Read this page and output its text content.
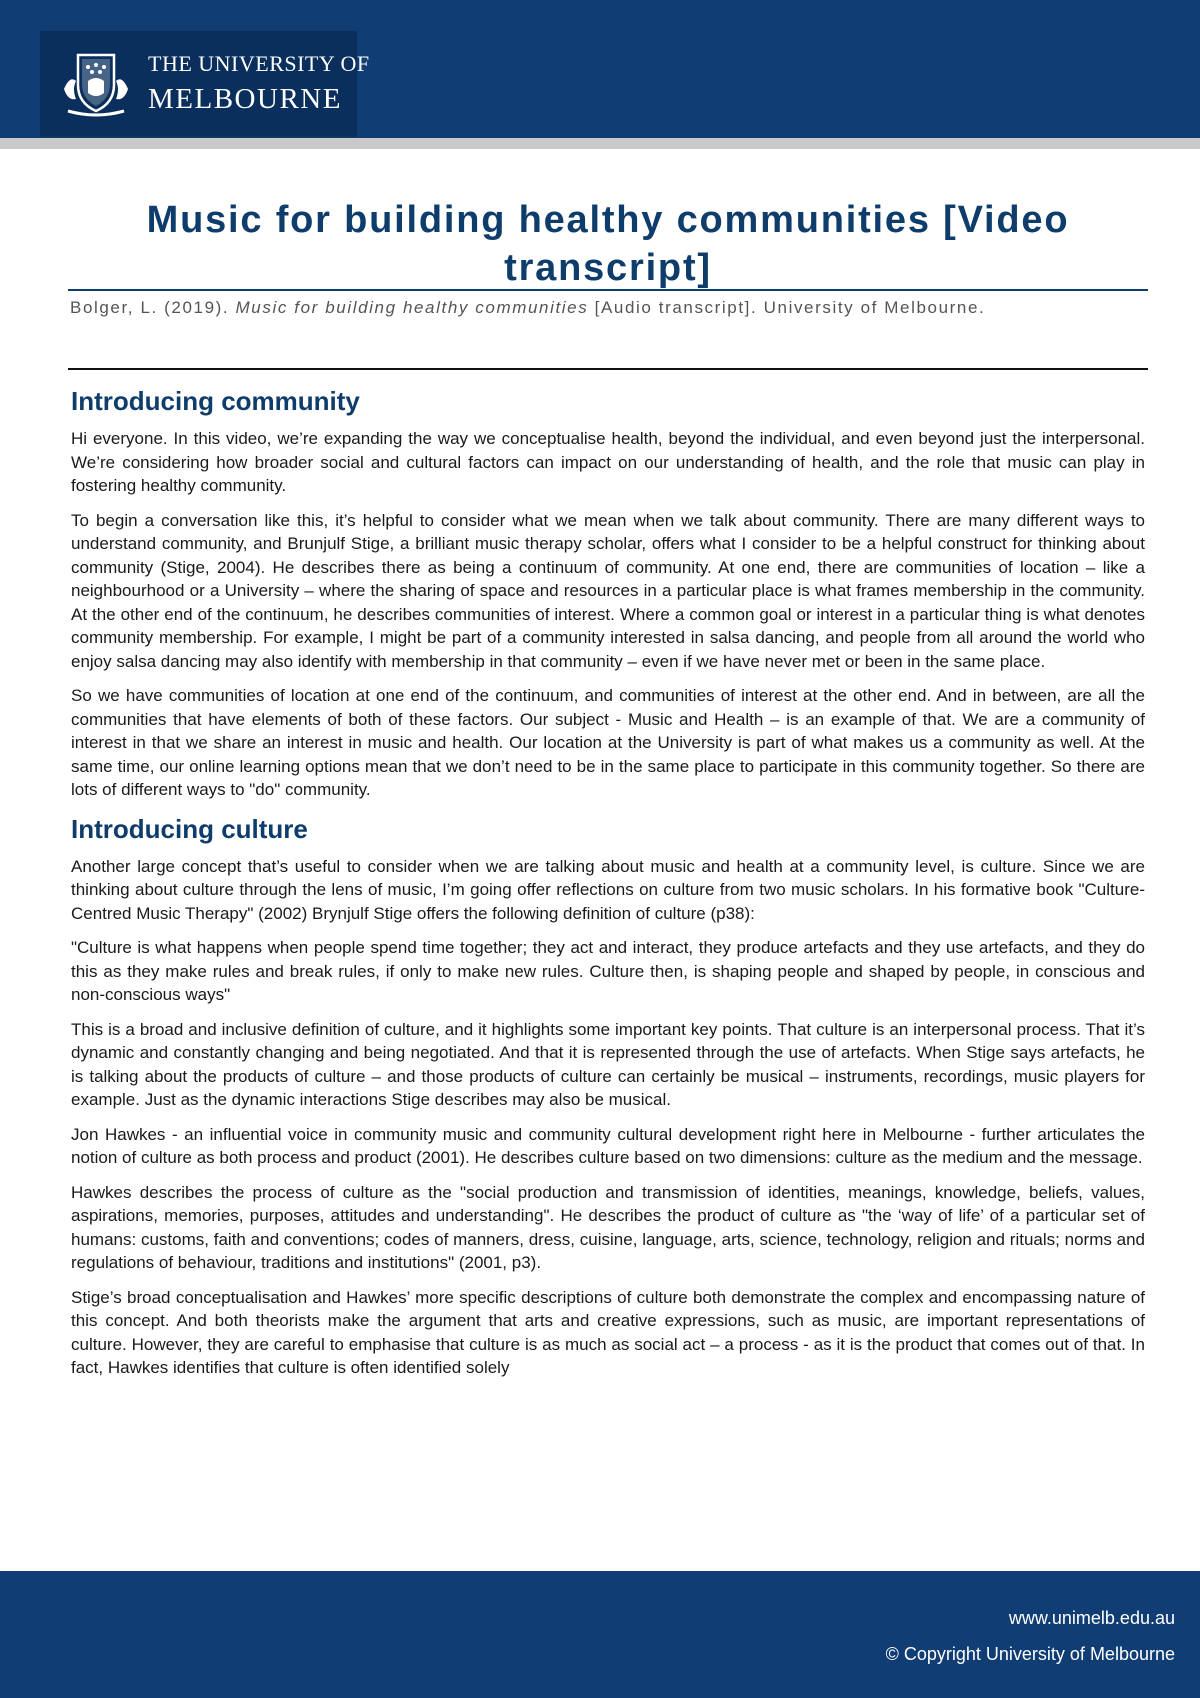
THE UNIVERSITY OF
MELBOURNE
Music for building healthy communities [Video transcript]

Bolger, L. (2019). Music for building healthy communities [Audio transcript]. University of Melbourne.

Introducing community

Hi everyone. In this video, we’re expanding the way we conceptualise health, beyond the individual, and even beyond just the interpersonal. We’re considering how broader social and cultural factors can impact on our understanding of health, and the role that music can play in fostering healthy community.

To begin a conversation like this, it’s helpful to consider what we mean when we talk about community. There are many different ways to understand community, and Brunjulf Stige, a brilliant music therapy scholar, offers what I consider to be a helpful construct for thinking about community (Stige, 2004). He describes there as being a continuum of community. At one end, there are communities of location – like a neighbourhood or a University – where the sharing of space and resources in a particular place is what frames membership in the community. At the other end of the continuum, he describes communities of interest. Where a common goal or interest in a particular thing is what denotes community membership. For example, I might be part of a community interested in salsa dancing, and people from all around the world who enjoy salsa dancing may also identify with membership in that community – even if we have never met or been in the same place.

So we have communities of location at one end of the continuum, and communities of interest at the other end. And in between, are all the communities that have elements of both of these factors. Our subject - Music and Health – is an example of that. We are a community of interest in that we share an interest in music and health. Our location at the University is part of what makes us a community as well. At the same time, our online learning options mean that we don’t need to be in the same place to participate in this community together. So there are lots of different ways to "do" community.

Introducing culture

Another large concept that’s useful to consider when we are talking about music and health at a community level, is culture. Since we are thinking about culture through the lens of music, I’m going offer reflections on culture from two music scholars. In his formative book "Culture-Centred Music Therapy" (2002) Brynjulf Stige offers the following definition of culture (p38):

"Culture is what happens when people spend time together; they act and interact, they produce artefacts and they use artefacts, and they do this as they make rules and break rules, if only to make new rules. Culture then, is shaping people and shaped by people, in conscious and non-conscious ways"

This is a broad and inclusive definition of culture, and it highlights some important key points. That culture is an interpersonal process. That it’s dynamic and constantly changing and being negotiated. And that it is represented through the use of artefacts. When Stige says artefacts, he is talking about the products of culture – and those products of culture can certainly be musical – instruments, recordings, music players for example. Just as the dynamic interactions Stige describes may also be musical.

Jon Hawkes - an influential voice in community music and community cultural development right here in Melbourne - further articulates the notion of culture as both process and product (2001). He describes culture based on two dimensions: culture as the medium and the message.

Hawkes describes the process of culture as the "social production and transmission of identities, meanings, knowledge, beliefs, values, aspirations, memories, purposes, attitudes and understanding". He describes the product of culture as "the ‘way of life’ of a particular set of humans: customs, faith and conventions; codes of manners, dress, cuisine, language, arts, science, technology, religion and rituals; norms and regulations of behaviour, traditions and institutions" (2001, p3).

Stige’s broad conceptualisation and Hawkes’ more specific descriptions of culture both demonstrate the complex and encompassing nature of this concept. And both theorists make the argument that arts and creative expressions, such as music, are important representations of culture. However, they are careful to emphasise that culture is as much as social act – a process - as it is the product that comes out of that. In fact, Hawkes identifies that culture is often identified solely

www.unimelb.edu.au
© Copyright University of Melbourne
